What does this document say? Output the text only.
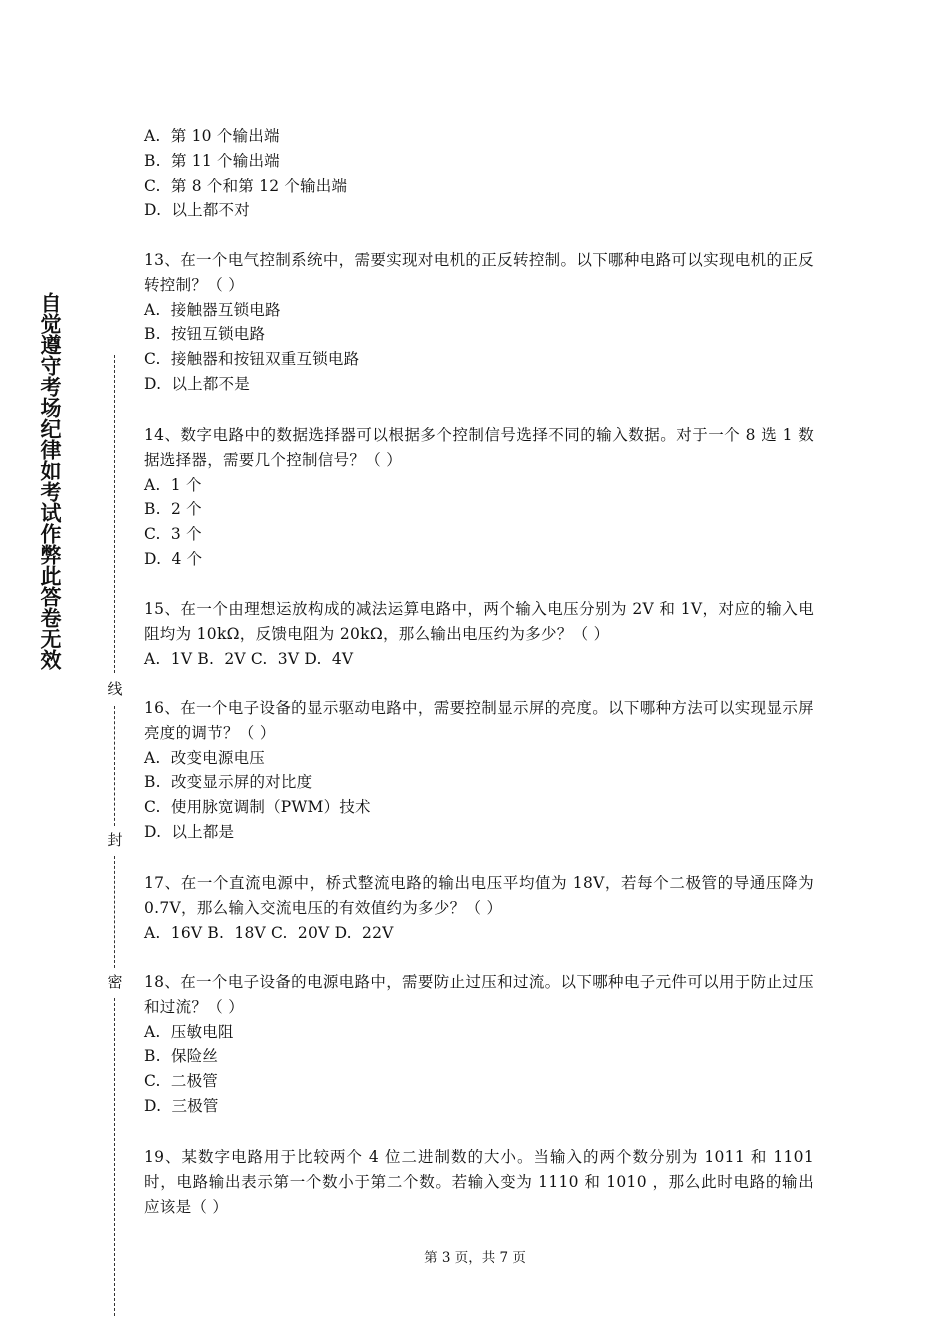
自觉遵守考场纪律如考试作弊此答卷无效
线
封
密
A.  第 10 个输出端
B.  第 11 个输出端
C.  第 8 个和第 12 个输出端
D.  以上都不对
13、在一个电气控制系统中，需要实现对电机的正反转控制。以下哪种电路可以实现电机的正反转控制？（ ）
A.  接触器互锁电路
B.  按钮互锁电路
C.  接触器和按钮双重互锁电路
D.  以上都不是
14、数字电路中的数据选择器可以根据多个控制信号选择不同的输入数据。对于一个 8 选 1 数据选择器，需要几个控制信号？（ ）
A.  1 个
B.  2 个
C.  3 个
D.  4 个
15、在一个由理想运放构成的减法运算电路中，两个输入电压分别为 2V 和 1V，对应的输入电阻均为 10kΩ，反馈电阻为 20kΩ，那么输出电压约为多少？（ ）
A.  1V B.  2V C.  3V D.  4V
16、在一个电子设备的显示驱动电路中，需要控制显示屏的亮度。以下哪种方法可以实现显示屏亮度的调节？（ ）
A.  改变电源电压
B.  改变显示屏的对比度
C.  使用脉宽调制（PWM）技术
D.  以上都是
17、在一个直流电源中，桥式整流电路的输出电压平均值为 18V，若每个二极管的导通压降为 0.7V，那么输入交流电压的有效值约为多少？（ ）
A.  16V B.  18V C.  20V D.  22V
18、在一个电子设备的电源电路中，需要防止过压和过流。以下哪种电子元件可以用于防止过压和过流？（ ）
A.  压敏电阻
B.  保险丝
C.  二极管
D.  三极管
19、某数字电路用于比较两个 4 位二进制数的大小。当输入的两个数分别为 1011 和 1101 时，电路输出表示第一个数小于第二个数。若输入变为 1110 和 1010 ，那么此时电路的输出应该是（ ）
第 3 页，共 7 页
